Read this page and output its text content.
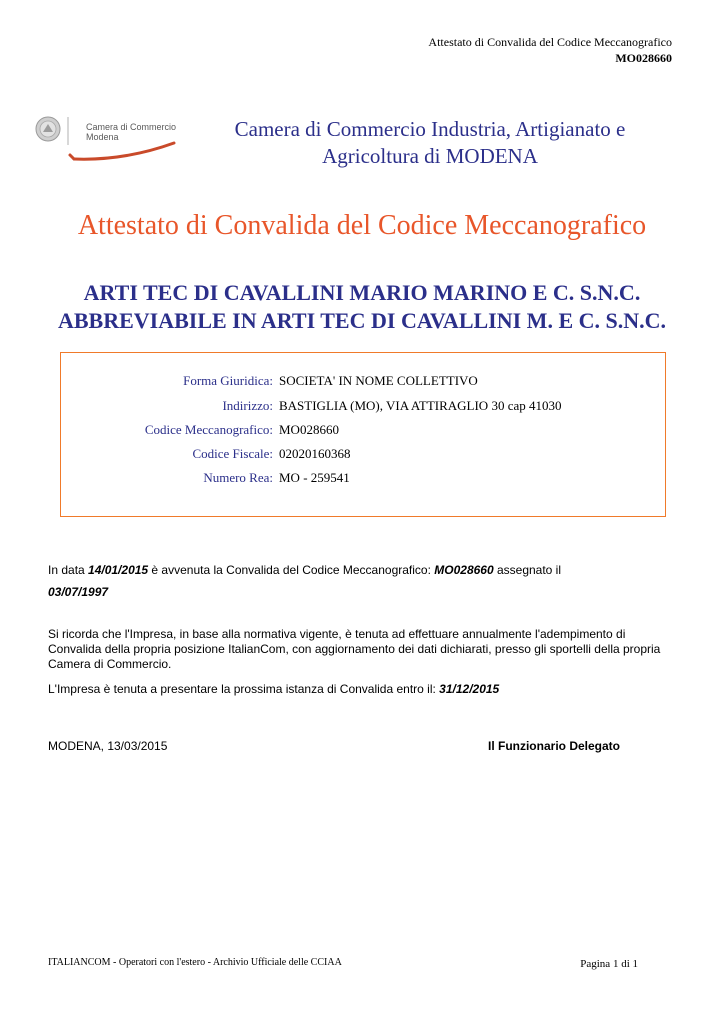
Attestato di Convalida del Codice Meccanografico
MO028660
Camera di Commercio
Modena	Camera di Commercio Industria, Artigianato e
Agricoltura di MODENA
Attestato di Convalida del Codice Meccanografico
ARTI TEC DI CAVALLINI MARIO MARINO E C. S.N.C.
ABBREVIABILE IN ARTI TEC DI CAVALLINI M. E C. S.N.C.
Forma Giuridica: SOCIETA' IN NOME COLLETTIVO
Indirizzo: BASTIGLIA (MO), VIA ATTIRAGLIO 30 cap 41030
Codice Meccanografico: MO028660
Codice Fiscale: 02020160368
Numero Rea: MO - 259541
In data 14/01/2015 è avvenuta la Convalida del Codice Meccanografico: MO028660 assegnato il
03/07/1997
Si ricorda che l'Impresa, in base alla normativa vigente, è tenuta ad effettuare annualmente l'adempimento di Convalida della propria posizione ItalianCom, con aggiornamento dei dati dichiarati, presso gli sportelli della propria Camera di Commercio.
L'Impresa è tenuta a presentare la prossima istanza di Convalida entro il: 31/12/2015
MODENA, 13/03/2015	Il Funzionario Delegato
ITALIANCOM - Operatori con l'estero - Archivio Ufficiale delle CCIAA	Pagina 1 di 1
